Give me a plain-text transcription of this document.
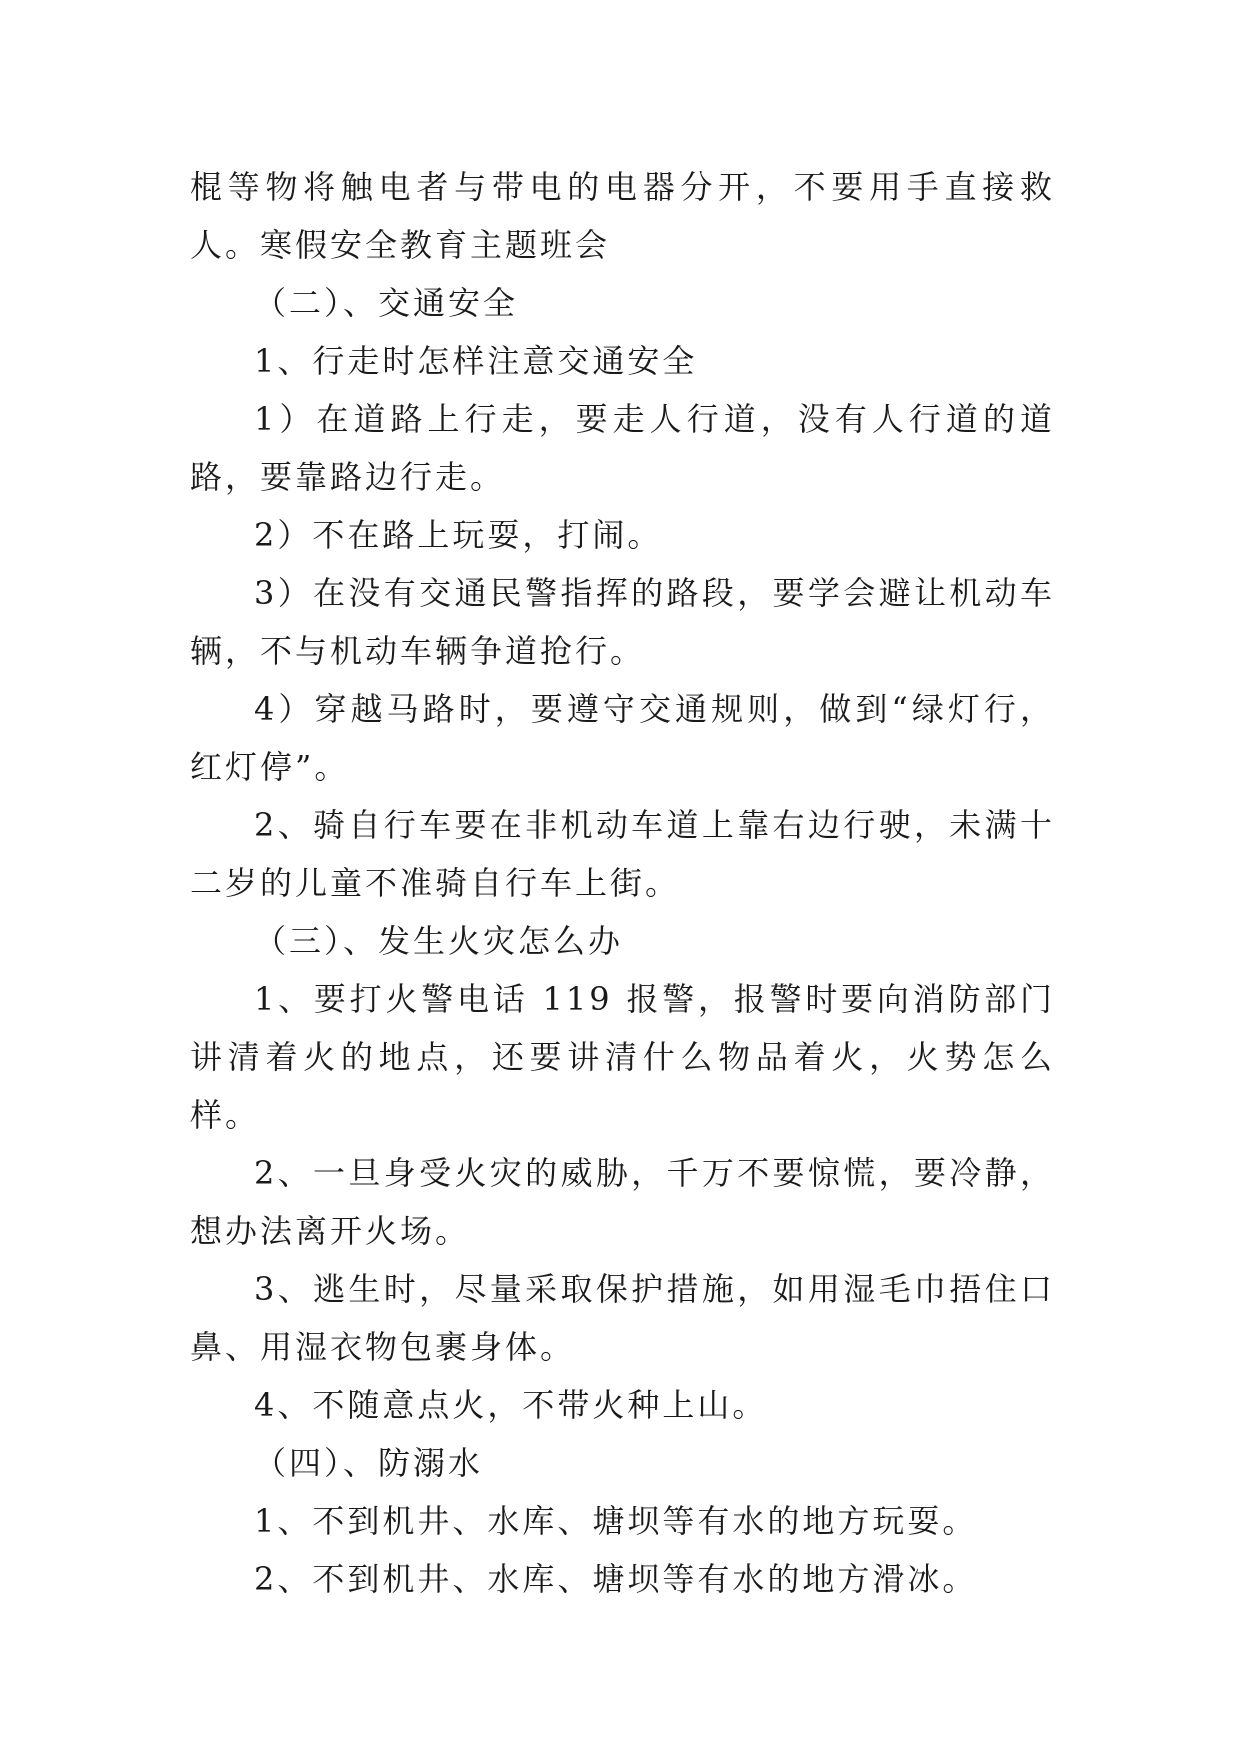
棍等物将触电者与带电的电器分开，不要用手直接救人。寒假安全教育主题班会

（二）、交通安全

1、行走时怎样注意交通安全

1）在道路上行走，要走人行道，没有人行道的道路，要靠路边行走。

2）不在路上玩耍，打闹。

3）在没有交通民警指挥的路段，要学会避让机动车辆，不与机动车辆争道抢行。

4）穿越马路时，要遵守交通规则，做到“绿灯行，红灯停”。

2、骑自行车要在非机动车道上靠右边行驶，未满十二岁的儿童不准骑自行车上街。

（三）、发生火灾怎么办

1、要打火警电话 119 报警，报警时要向消防部门讲清着火的地点，还要讲清什么物品着火，火势怎么样。

2、一旦身受火灾的威胁，千万不要惊慌，要冷静，想办法离开火场。

3、逃生时，尽量采取保护措施，如用湿毛巾捂住口鼻、用湿衣物包裹身体。

4、不随意点火，不带火种上山。

（四）、防溺水

1、不到机井、水库、塘坝等有水的地方玩耍。

2、不到机井、水库、塘坝等有水的地方滑冰。
